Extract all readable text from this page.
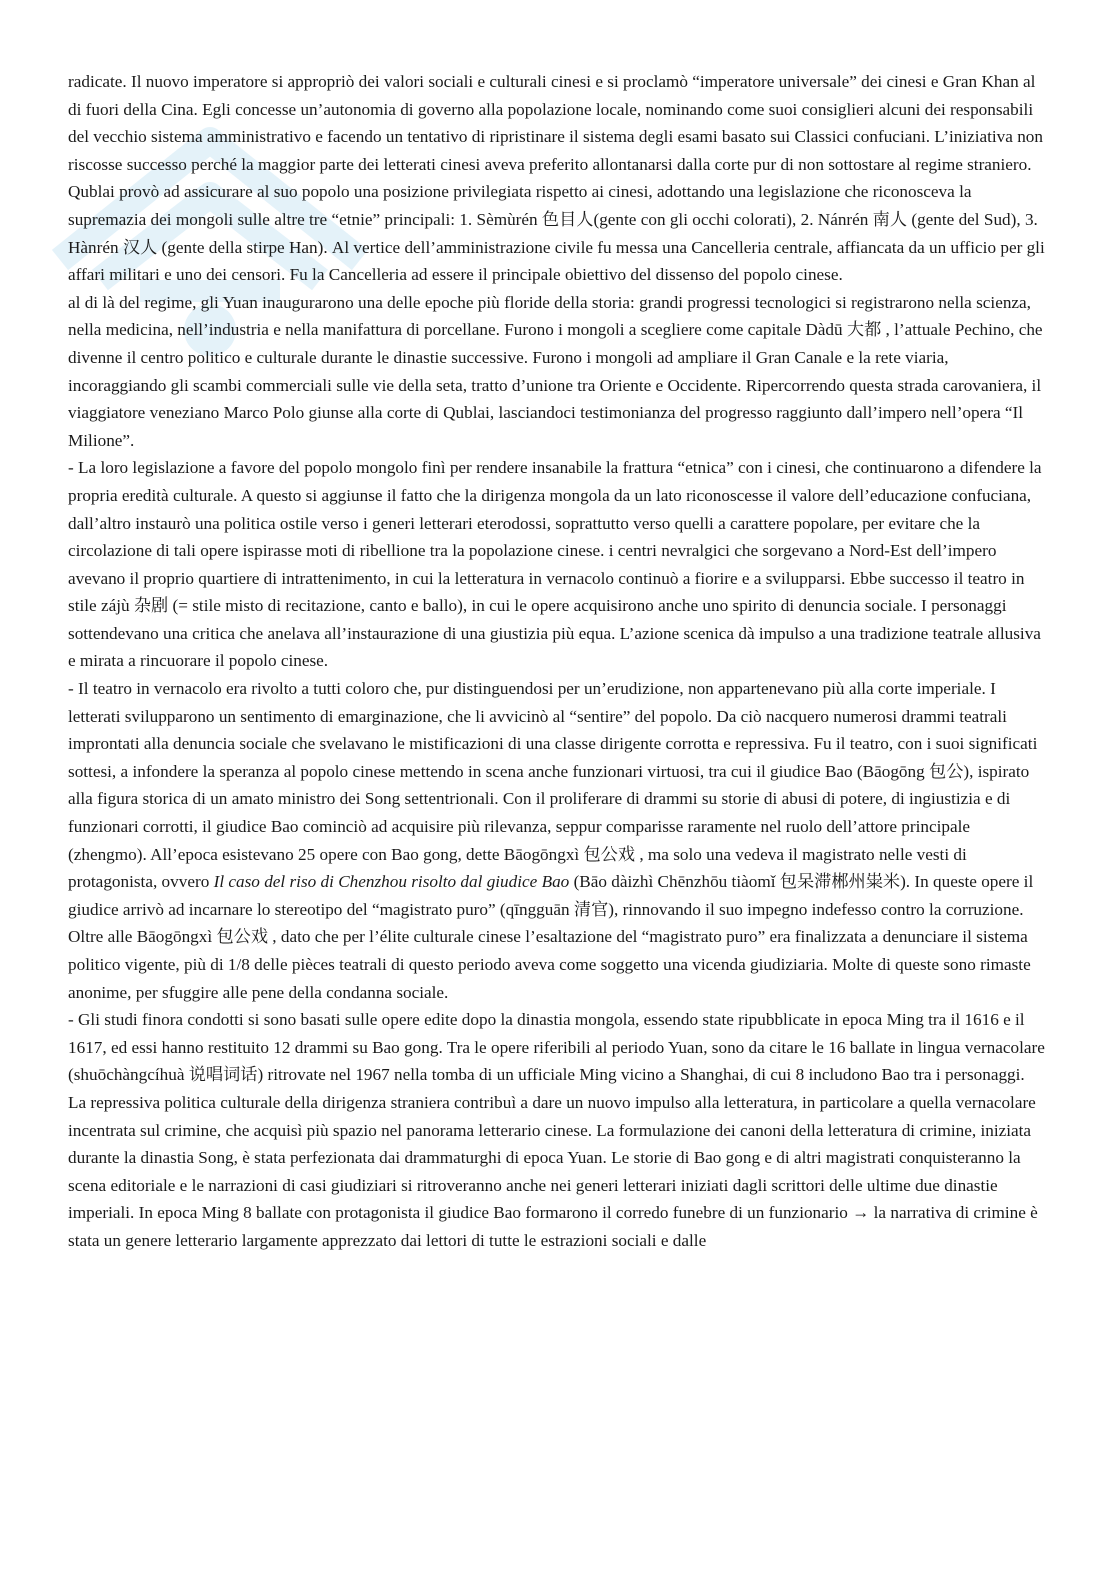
radicate. Il nuovo imperatore si appropriò dei valori sociali e culturali cinesi e si proclamò “imperatore universale” dei cinesi e Gran Khan al di fuori della Cina. Egli concesse un’autonomia di governo alla popolazione locale, nominando come suoi consiglieri alcuni dei responsabili del vecchio sistema amministrativo e facendo un tentativo di ripristinare il sistema degli esami basato sui Classici confuciani. L’iniziativa non riscosse successo perché la maggior parte dei letterati cinesi aveva preferito allontanarsi dalla corte pur di non sottostare al regime straniero. Qublai provò ad assicurare al suo popolo una posizione privilegiata rispetto ai cinesi, adottando una legislazione che riconosceva la supremazia dei mongoli sulle altre tre “etnie” principali: 1. Sèmùrén 色目人(gente con gli occhi colorati), 2. Nánrén 南人 (gente del Sud), 3. Hànrén 汉人 (gente della stirpe Han). Al vertice dell’amministrazione civile fu messa una Cancelleria centrale, affiancata da un ufficio per gli affari militari e uno dei censori. Fu la Cancelleria ad essere il principale obiettivo del dissenso del popolo cinese.

al di là del regime, gli Yuan inaugurarono una delle epoche più floride della storia: grandi progressi tecnologici si registrarono nella scienza, nella medicina, nell’industria e nella manifattura di porcellane. Furono i mongoli a scegliere come capitale Dàdū 大都 , l’attuale Pechino, che divenne il centro politico e culturale durante le dinastie successive. Furono i mongoli ad ampliare il Gran Canale e la rete viaria, incoraggiando gli scambi commerciali sulle vie della seta, tratto d’unione tra Oriente e Occidente. Ripercorrendo questa strada carovaniera, il viaggiatore veneziano Marco Polo giunse alla corte di Qublai, lasciandoci testimonianza del progresso raggiunto dall’impero nell’opera “Il Milione”.

- La loro legislazione a favore del popolo mongolo finì per rendere insanabile la frattura “etnica” con i cinesi, che continuarono a difendere la propria eredità culturale. A questo si aggiunse il fatto che la dirigenza mongola da un lato riconoscesse il valore dell’educazione confuciana, dall’altro instaurò una politica ostile verso i generi letterari eterodossi, soprattutto verso quelli a carattere popolare, per evitare che la circolazione di tali opere ispirasse moti di ribellione tra la popolazione cinese. i centri nevralgici che sorgevano a Nord-Est dell’impero avevano il proprio quartiere di intrattenimento, in cui la letteratura in vernacolo continuò a fiorire e a svilupparsi. Ebbe successo il teatro in stile zájù 杂剧 (= stile misto di recitazione, canto e ballo), in cui le opere acquisirono anche uno spirito di denuncia sociale. I personaggi sottendevano una critica che anelava all’instaurazione di una giustizia più equa. L’azione scenica dà impulso a una tradizione teatrale allusiva e mirata a rincuorare il popolo cinese.

- Il teatro in vernacolo era rivolto a tutti coloro che, pur distinguendosi per un’erudizione, non appartenevano più alla corte imperiale. I letterati svilupparono un sentimento di emarginazione, che li avvicinò al “sentire” del popolo. Da ciò nacquero numerosi drammi teatrali improntati alla denuncia sociale che svelavano le mistificazioni di una classe dirigente corrotta e repressiva. Fu il teatro, con i suoi significati sottesi, a infondere la speranza al popolo cinese mettendo in scena anche funzionari virtuosi, tra cui il giudice Bao (Bāogōng 包公), ispirato alla figura storica di un amato ministro dei Song settentrionali. Con il proliferare di drammi su storie di abusi di potere, di ingiustizia e di funzionari corrotti, il giudice Bao cominciò ad acquisire più rilevanza, seppur comparisse raramente nel ruolo dell’attore principale (zhengmo). All’epoca esistevano 25 opere con Bao gong, dette Bāogōngxì 包公戏 , ma solo una vedeva il magistrato nelle vesti di protagonista, ovvero Il caso del riso di Chenzhou risolto dal giudice Bao (Bāo dàizhì Chēnzhōu tiàomǐ 包呆滞郴州粜米). In queste opere il giudice arrivò ad incarnare lo stereotipo del “magistrato puro” (qīngguān 清官), rinnovando il suo impegno indefesso contro la corruzione. Oltre alle Bāogōngxì 包公戏 , dato che per l’élite culturale cinese l’esaltazione del “magistrato puro” era finalizzata a denunciare il sistema politico vigente, più di 1/8 delle pièces teatrali di questo periodo aveva come soggetto una vicenda giudiziaria. Molte di queste sono rimaste anonime, per sfuggire alle pene della condanna sociale.

- Gli studi finora condotti si sono basati sulle opere edite dopo la dinastia mongola, essendo state ripubblicate in epoca Ming tra il 1616 e il 1617, ed essi hanno restituito 12 drammi su Bao gong. Tra le opere riferibili al periodo Yuan, sono da citare le 16 ballate in lingua vernacolare (shuōchàngcíhuà 说唱词话) ritrovate nel 1967 nella tomba di un ufficiale Ming vicino a Shanghai, di cui 8 includono Bao tra i personaggi.

La repressiva politica culturale della dirigenza straniera contribuì a dare un nuovo impulso alla letteratura, in particolare a quella vernacolare incentrata sul crimine, che acquisì più spazio nel panorama letterario cinese. La formulazione dei canoni della letteratura di crimine, iniziata durante la dinastia Song, è stata perfezionata dai drammaturghi di epoca Yuan. Le storie di Bao gong e di altri magistrati conquisteranno la scena editoriale e le narrazioni di casi giudiziari si ritroveranno anche nei generi letterari iniziati dagli scrittori delle ultime due dinastie imperiali. In epoca Ming 8 ballate con protagonista il giudice Bao formarono il corredo funebre di un funzionario → la narrativa di crimine è stata un genere letterario largamente apprezzato dai lettori di tutte le estrazioni sociali e dalle
